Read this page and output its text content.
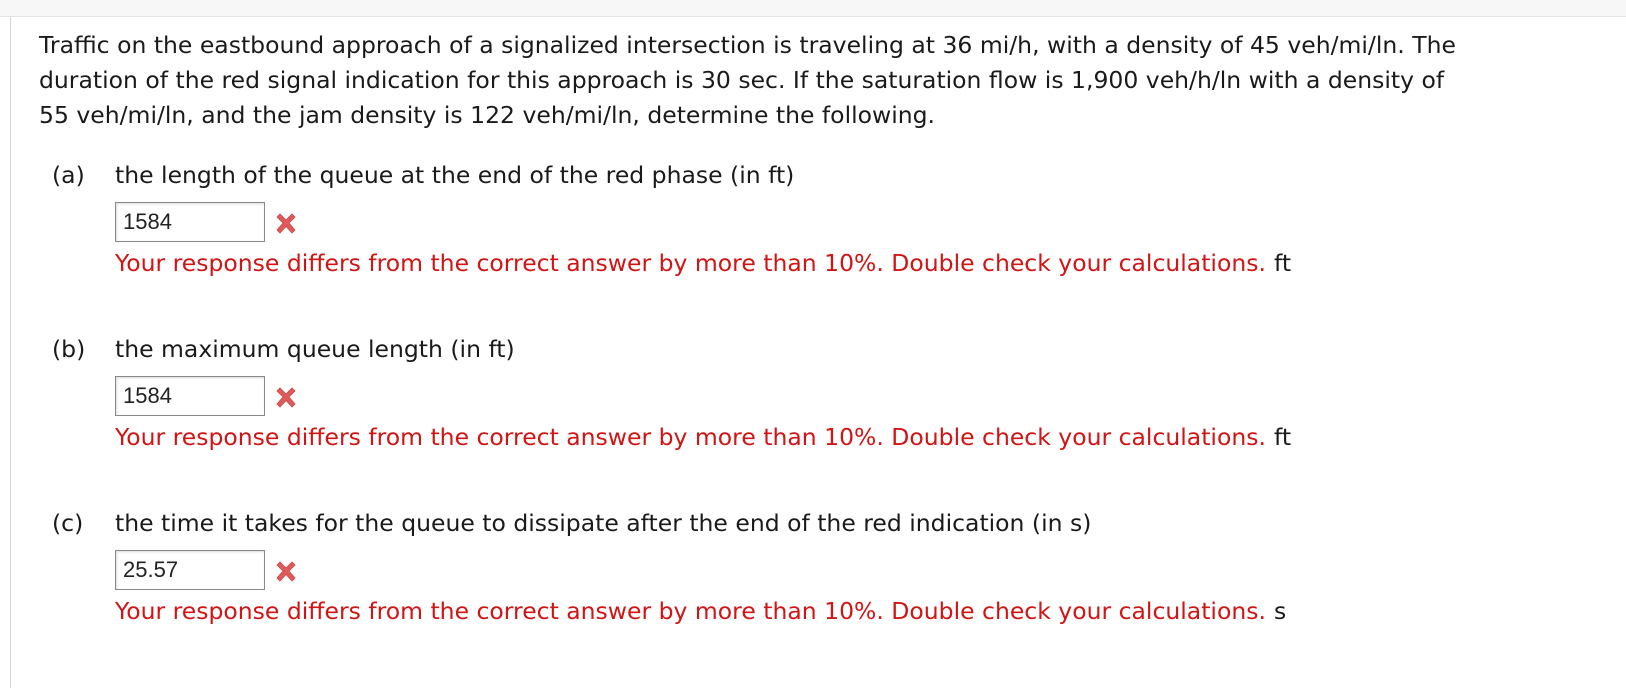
Traffic on the eastbound approach of a signalized intersection is traveling at 36 mi/h, with a density of 45 veh/mi/ln. The
duration of the red signal indication for this approach is 30 sec. If the saturation flow is 1,900 veh/h/ln with a density of
55 veh/mi/ln, and the jam density is 122 veh/mi/ln, determine the following.
(a) the length of the queue at the end of the red phase (in ft)
1584
Your response differs from the correct answer by more than 10%. Double check your calculations. ft
(b) the maximum queue length (in ft)
1584
Your response differs from the correct answer by more than 10%. Double check your calculations. ft
(c) the time it takes for the queue to dissipate after the end of the red indication (in s)
25.57
Your response differs from the correct answer by more than 10%. Double check your calculations. s
